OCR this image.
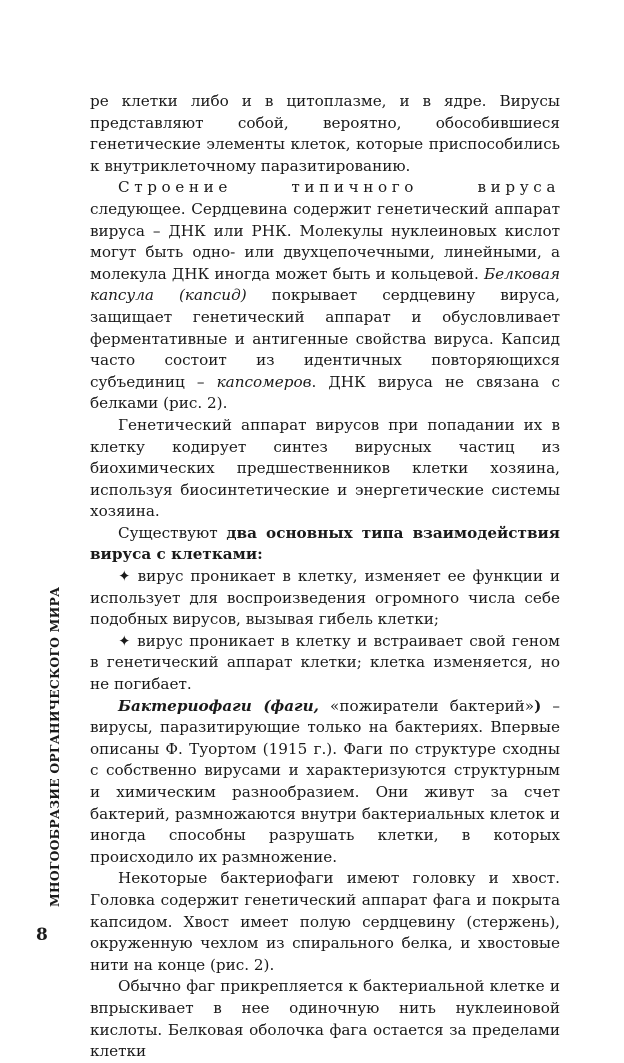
ре клетки либо и в цитоплазме, и в ядре. Вирусы представляют собой, вероятно, обособившиеся генетические элементы клеток, которые приспособились к внутриклеточному паразитированию.

Строение типичного вируса следующее. Сердцевина содержит генетический аппарат вируса – ДНК или РНК. Молекулы нуклеиновых кислот могут быть одно- или двухцепочечными, линейными, а молекула ДНК иногда может быть и кольцевой. Белковая капсула (капсид) покрывает сердцевину вируса, защищает генетический аппарат и обусловливает ферментативные и антигенные свойства вируса. Капсид часто состоит из идентичных повторяющихся субъединиц – капсомеров. ДНК вируса не связана с белками (рис. 2).

Генетический аппарат вирусов при попадании их в клетку кодирует синтез вирусных частиц из биохимических предшественников клетки хозяина, используя биосинтетические и энергетические системы хозяина.

Существуют два основных типа взаимодействия вируса с клетками:

✦ вирус проникает в клетку, изменяет ее функции и использует для воспроизведения огромного числа себе подобных вирусов, вызывая гибель клетки;

✦ вирус проникает в клетку и встраивает свой геном в генетический аппарат клетки; клетка изменяется, но не погибает.

Бактериофаги (фаги, «пожиратели бактерий») – вирусы, паразитирующие только на бактериях. Впервые описаны Ф. Туортом (1915 г.). Фаги по структуре сходны с собственно вирусами и характеризуются структурным и химическим разнообразием. Они живут за счет бактерий, размножаются внутри бактериальных клеток и иногда способны разрушать клетки, в которых происходило их размножение.

Некоторые бактериофаги имеют головку и хвост. Головка содержит генетический аппарат фага и покрыта капсидом. Хвост имеет полую сердцевину (стержень), окруженную чехлом из спирального белка, и хвостовые нити на конце (рис. 2).

Обычно фаг прикрепляется к бактериальной клетке и впрыскивает в нее одиночную нить нуклеиновой кислоты. Белковая оболочка фага остается за пределами клетки

МНОГООБРАЗИЕ ОРГАНИЧЕСКОГО МИРА
8
